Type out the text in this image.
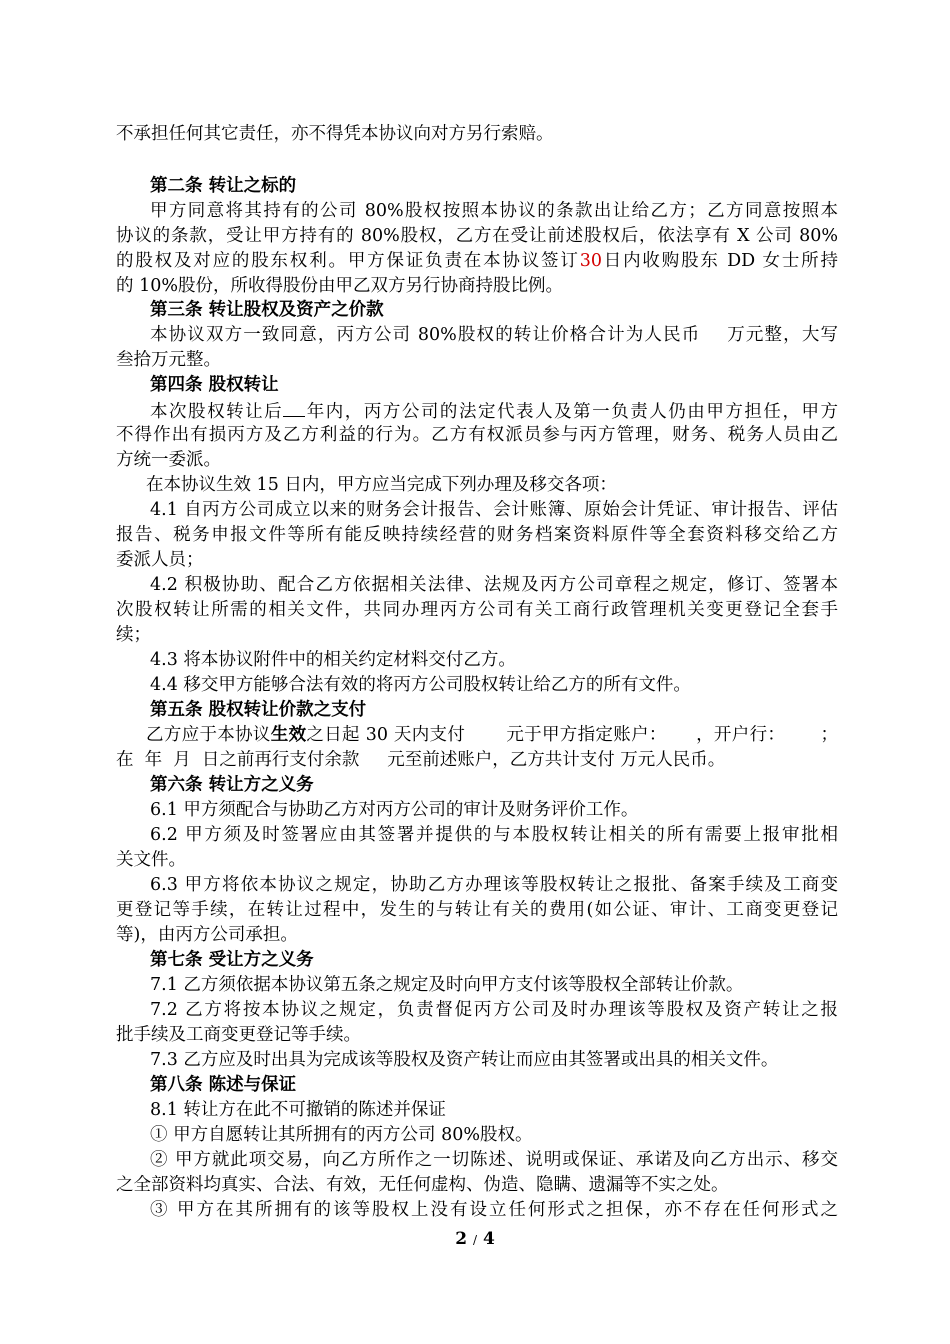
不承担任何其它责任，亦不得凭本协议向对方另行索赔。
第二条 转让之标的
甲方同意将其持有的公司 80%股权按照本协议的条款出让给乙方；乙方同意按照本
协议的条款，受让甲方持有的 80%股权，乙方在受让前述股权后，依法享有 X 公司 80%
的股权及对应的股东权利。甲方保证负责在本协议签订30日内收购股东 DD 女士所持
的 10%股份，所收得股份由甲乙双方另行协商持股比例。
第三条 转让股权及资产之价款
本协议双方一致同意，丙方公司 80%股权的转让价格合计为人民币    万元整，大写
叁拾万元整。
第四条 股权转让
本次股权转让后 年内，丙方公司的法定代表人及第一负责人仍由甲方担任，甲方
不得作出有损丙方及乙方利益的行为。乙方有权派员参与丙方管理，财务、税务人员由乙
方统一委派。
在本协议生效 15 日内，甲方应当完成下列办理及移交各项：
4.1 自丙方公司成立以来的财务会计报告、会计账簿、原始会计凭证、审计报告、评估
报告、税务申报文件等所有能反映持续经营的财务档案资料原件等全套资料移交给乙方
委派人员；
4.2 积极协助、配合乙方依据相关法律、法规及丙方公司章程之规定，修订、签署本
次股权转让所需的相关文件，共同办理丙方公司有关工商行政管理机关变更登记全套手
续；
4.3 将本协议附件中的相关约定材料交付乙方。
4.4 移交甲方能够合法有效的将丙方公司股权转让给乙方的所有文件。
第五条 股权转让价款之支付
乙方应于本协议生效之日起 30 天内支付       元于甲方指定账户：     ，开户行：      ；
在  年  月  日之前再行支付余款     元至前述账户，乙方共计支付 万元人民币。
第六条 转让方之义务
6.1 甲方须配合与协助乙方对丙方公司的审计及财务评价工作。
6.2 甲方须及时签署应由其签署并提供的与本股权转让相关的所有需要上报审批相
关文件。
6.3 甲方将依本协议之规定，协助乙方办理该等股权转让之报批、备案手续及工商变
更登记等手续，在转让过程中，发生的与转让有关的费用(如公证、审计、工商变更登记
等)，由丙方公司承担。
第七条 受让方之义务
7.1 乙方须依据本协议第五条之规定及时向甲方支付该等股权全部转让价款。
7.2 乙方将按本协议之规定，负责督促丙方公司及时办理该等股权及资产转让之报
批手续及工商变更登记等手续。
7.3 乙方应及时出具为完成该等股权及资产转让而应由其签署或出具的相关文件。
第八条 陈述与保证
8.1 转让方在此不可撤销的陈述并保证
① 甲方自愿转让其所拥有的丙方公司 80%股权。
② 甲方就此项交易，向乙方所作之一切陈述、说明或保证、承诺及向乙方出示、移交
之全部资料均真实、合法、有效，无任何虚构、伪造、隐瞒、遗漏等不实之处。
③ 甲方在其所拥有的该等股权上没有设立任何形式之担保，亦不存在任何形式之
2 / 4
